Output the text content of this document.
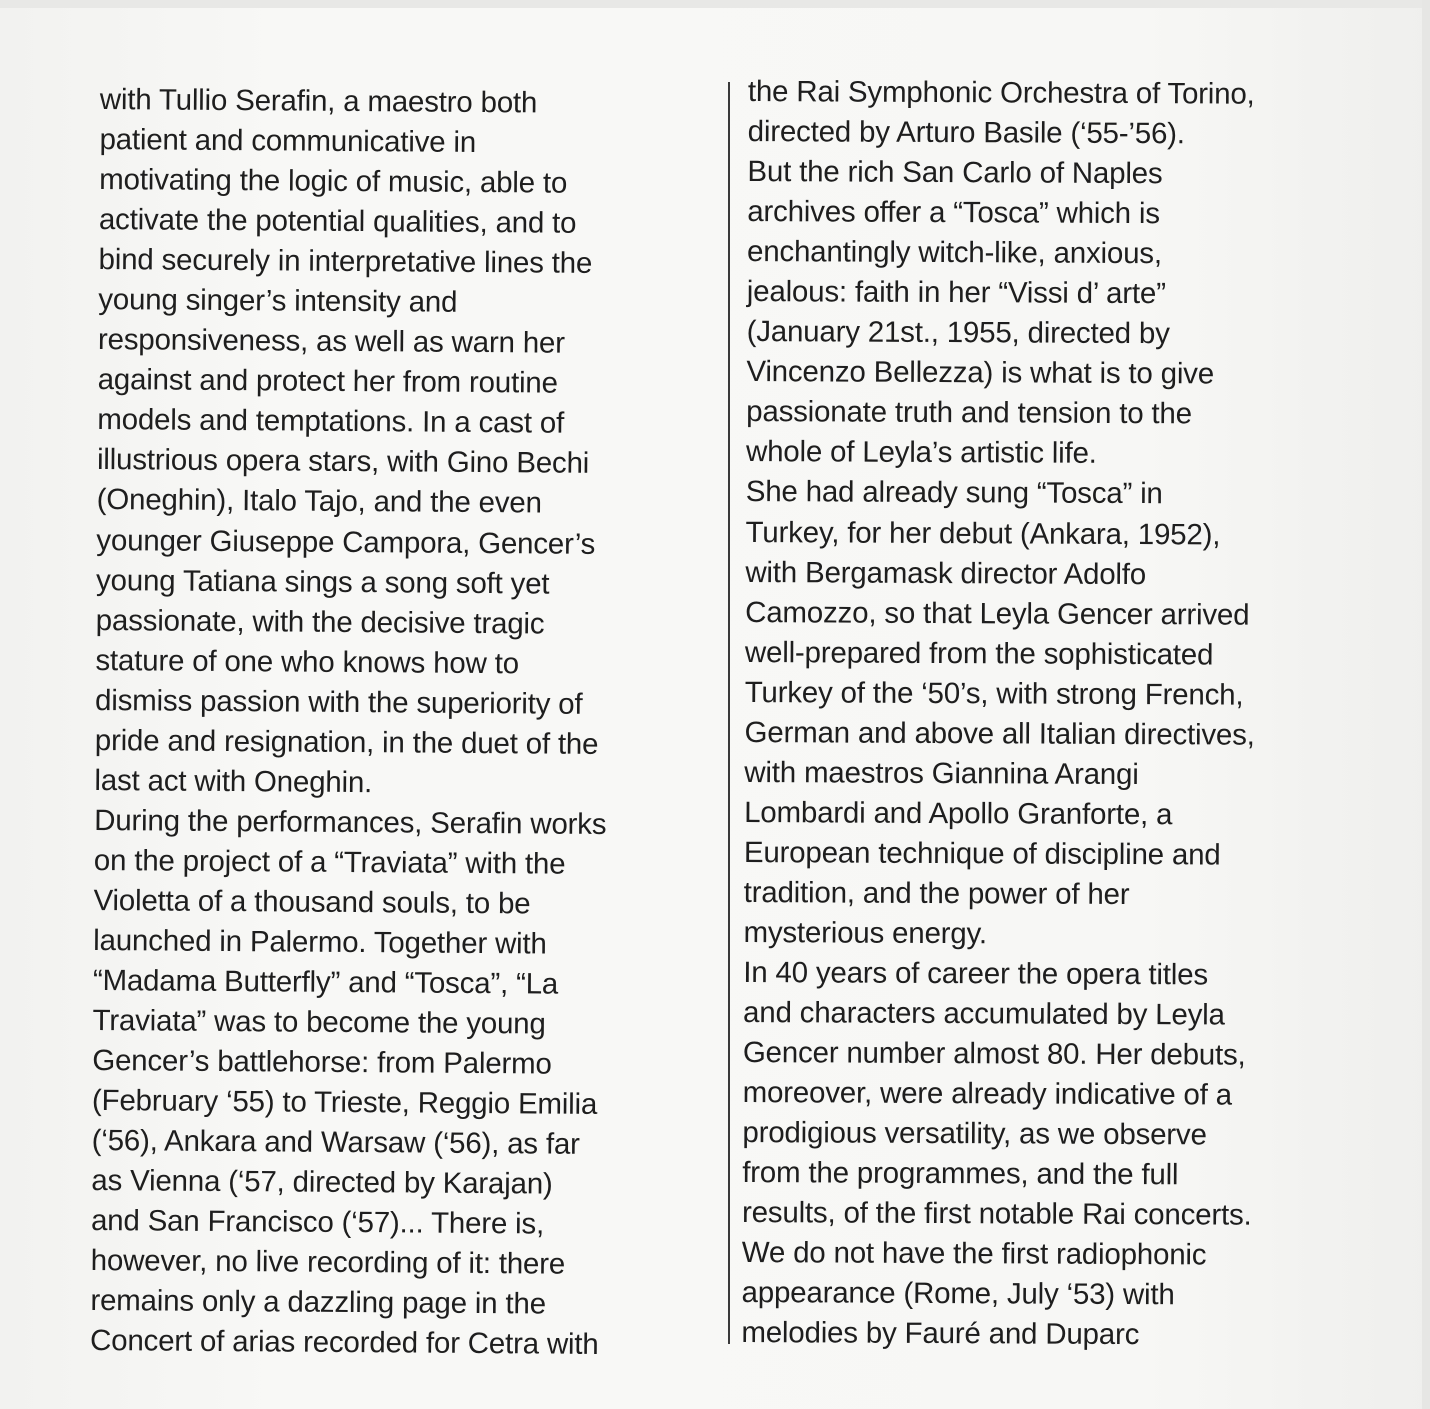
with Tullio Serafin, a maestro both
patient and communicative in
motivating the logic of music, able to
activate the potential qualities, and to
bind securely in interpretative lines the
young singer’s intensity and
responsiveness, as well as warn her
against and protect her from routine
models and temptations. In a cast of
illustrious opera stars, with Gino Bechi
(Oneghin), Italo Tajo, and the even
younger Giuseppe Campora, Gencer’s
young Tatiana sings a song soft yet
passionate, with the decisive tragic
stature of one who knows how to
dismiss passion with the superiority of
pride and resignation, in the duet of the
last act with Oneghin.
During the performances, Serafin works
on the project of a “Traviata” with the
Violetta of a thousand souls, to be
launched in Palermo. Together with
“Madama Butterfly” and “Tosca”, “La
Traviata” was to become the young
Gencer’s battlehorse: from Palermo
(February ‘55) to Trieste, Reggio Emilia
(‘56), Ankara and Warsaw (‘56), as far
as Vienna (‘57, directed by Karajan)
and San Francisco (‘57)... There is,
however, no live recording of it: there
remains only a dazzling page in the
Concert of arias recorded for Cetra with
the Rai Symphonic Orchestra of Torino,
directed by Arturo Basile (‘55-’56).
But the rich San Carlo of Naples
archives offer a “Tosca” which is
enchantingly witch-like, anxious,
jealous: faith in her “Vissi d’ arte”
(January 21st., 1955, directed by
Vincenzo Bellezza) is what is to give
passionate truth and tension to the
whole of Leyla’s artistic life.
She had already sung “Tosca” in
Turkey, for her debut (Ankara, 1952),
with Bergamask director Adolfo
Camozzo, so that Leyla Gencer arrived
well-prepared from the sophisticated
Turkey of the ‘50’s, with strong French,
German and above all Italian directives,
with maestros Giannina Arangi
Lombardi and Apollo Granforte, a
European technique of discipline and
tradition, and the power of her
mysterious energy.
In 40 years of career the opera titles
and characters accumulated by Leyla
Gencer number almost 80. Her debuts,
moreover, were already indicative of a
prodigious versatility, as we observe
from the programmes, and the full
results, of the first notable Rai concerts.
We do not have the first radiophonic
appearance (Rome, July ‘53) with
melodies by Fauré and Duparc
